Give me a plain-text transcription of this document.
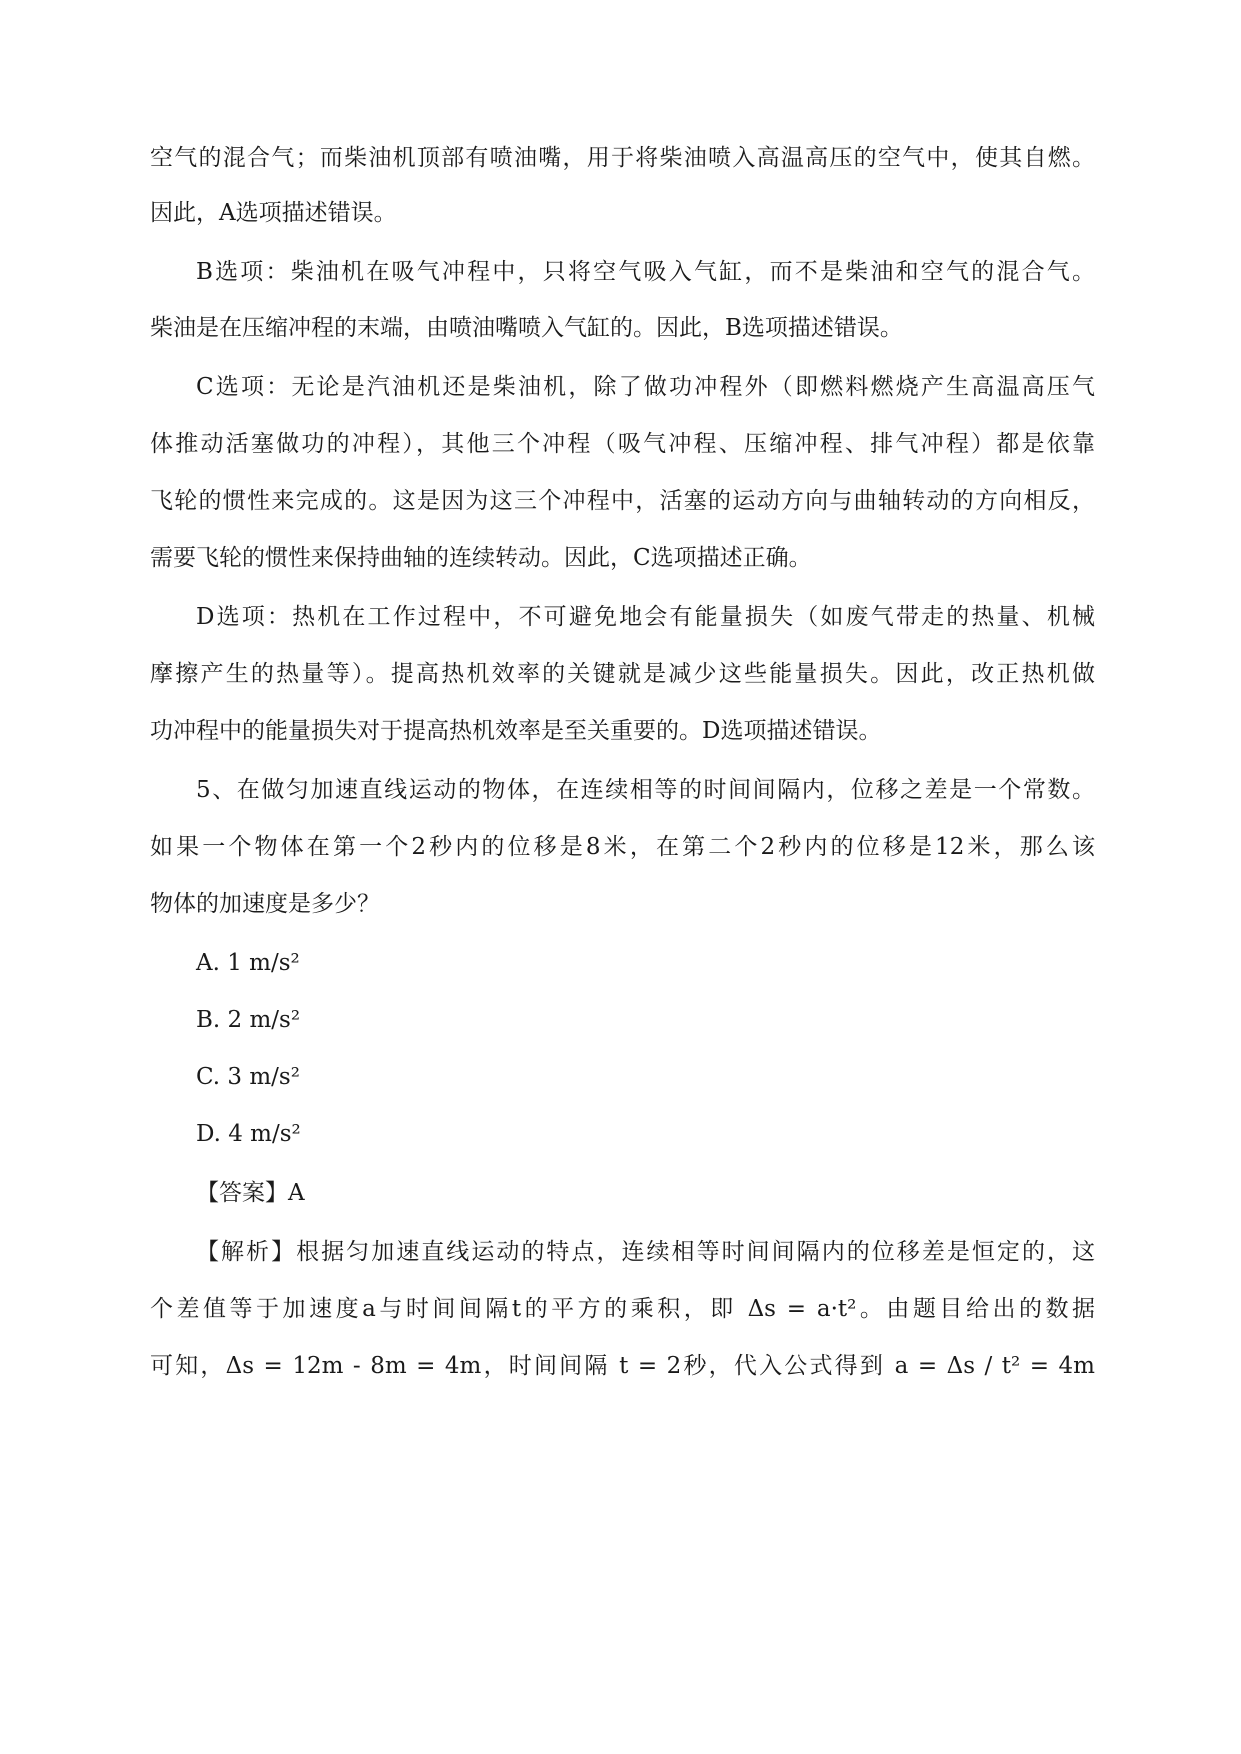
空气的混合气；而柴油机顶部有喷油嘴，用于将柴油喷入高温高压的空气中，使其自燃。

因此，A选项描述错误。

B选项：柴油机在吸气冲程中，只将空气吸入气缸，而不是柴油和空气的混合气。

柴油是在压缩冲程的末端，由喷油嘴喷入气缸的。因此，B选项描述错误。

C选项：无论是汽油机还是柴油机，除了做功冲程外（即燃料燃烧产生高温高压气

体推动活塞做功的冲程），其他三个冲程（吸气冲程、压缩冲程、排气冲程）都是依靠

飞轮的惯性来完成的。这是因为这三个冲程中，活塞的运动方向与曲轴转动的方向相反，

需要飞轮的惯性来保持曲轴的连续转动。因此，C选项描述正确。

D选项：热机在工作过程中，不可避免地会有能量损失（如废气带走的热量、机械

摩擦产生的热量等）。提高热机效率的关键就是减少这些能量损失。因此，改正热机做

功冲程中的能量损失对于提高热机效率是至关重要的。D选项描述错误。

5、在做匀加速直线运动的物体，在连续相等的时间间隔内，位移之差是一个常数。

如果一个物体在第一个2秒内的位移是8米，在第二个2秒内的位移是12米，那么该

物体的加速度是多少？

A. 1 m/s²

B. 2 m/s²

C. 3 m/s²

D. 4 m/s²

【答案】A

【解析】根据匀加速直线运动的特点，连续相等时间间隔内的位移差是恒定的，这

个差值等于加速度a与时间间隔t的平方的乘积，即 Δs = a·t²。由题目给出的数据

可知，Δs = 12m - 8m = 4m，时间间隔 t = 2秒，代入公式得到 a = Δs / t² = 4m
